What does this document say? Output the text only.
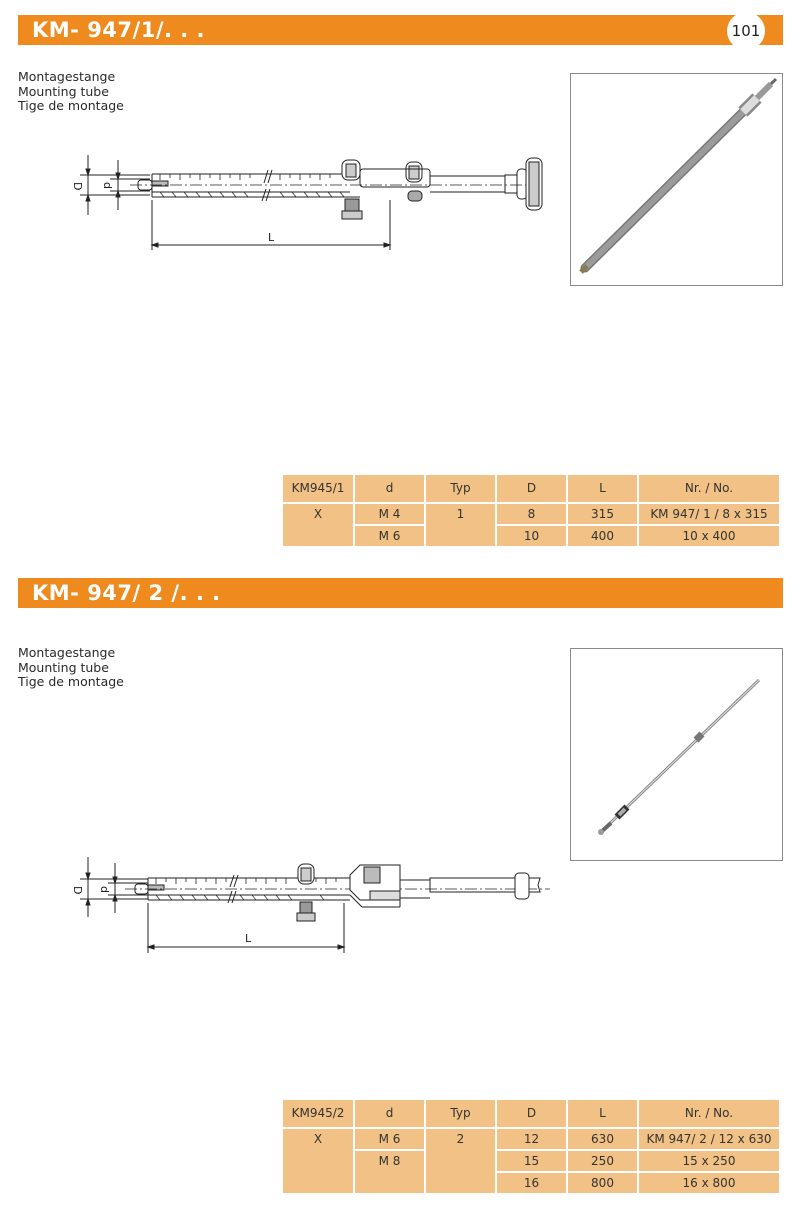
KM- 947/1/. . .	101
Montagestange
Mounting tube
Tige de montage
D d
L
KM945/1	d	Typ	D	L	Nr. / No.
X	M 4	1	8	315	KM 947/ 1 / 8 x 315
	M 6		10	400	10 x 400
KM- 947/ 2 /. . .
Montagestange
Mounting tube
Tige de montage
D d
L
KM945/2	d	Typ	D	L	Nr. / No.
X	M 6	2	12	630	KM 947/ 2 / 12 x 630
	M 8		15	250	15 x 250
			16	800	16 x 800
